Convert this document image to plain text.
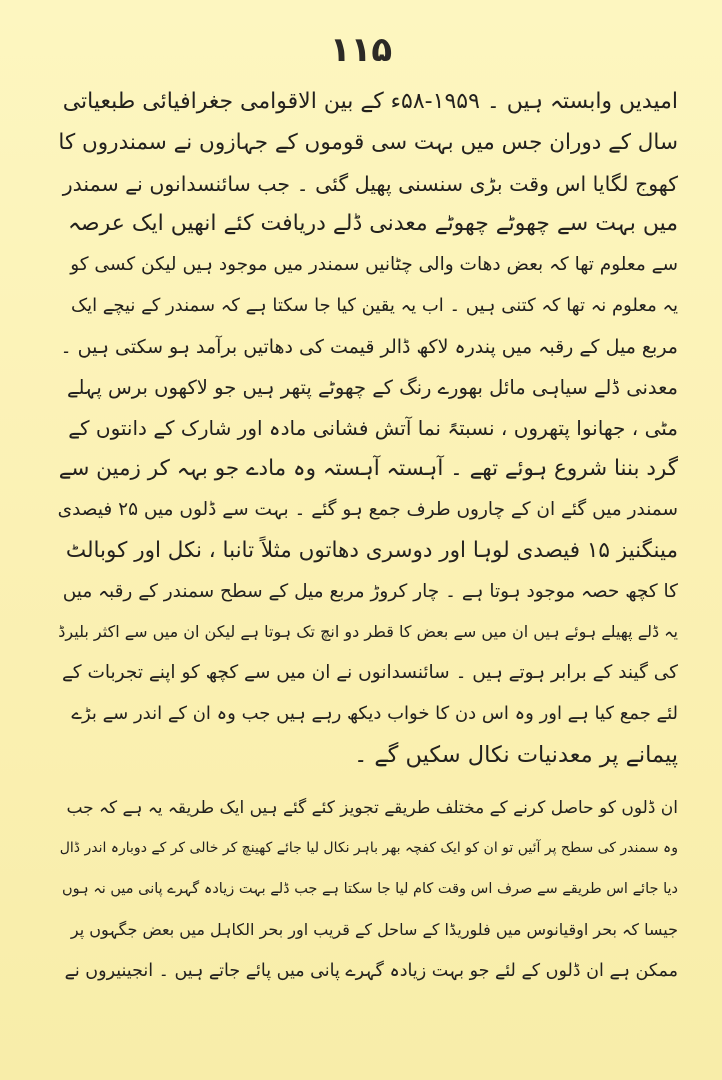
۱۱۵
امیدیں وابستہ ہیں ۔ ۱۹۵۹-۵۸ء کے بین الاقوامی جغرافیائی طبعیاتی
سال کے دوران جس میں بہت سی قوموں کے جہازوں نے سمندروں کا
کھوج لگایا اس وقت بڑی سنسنی پھیل گئی ۔ جب سائنسدانوں نے سمندر
میں بہت سے چھوٹے چھوٹے معدنی ڈلے دریافت کئے انھیں ایک عرصہ
سے معلوم تھا کہ بعض دھات والی چٹانیں سمندر میں موجود ہیں لیکن کسی کو
یہ معلوم نہ تھا کہ کتنی ہیں ۔ اب یہ یقین کیا جا سکتا ہے کہ سمندر کے نیچے ایک
مربع میل کے رقبہ میں پندرہ لاکھ ڈالر قیمت کی دھاتیں برآمد ہو سکتی ہیں ۔
معدنی ڈلے سیاہی مائل بھورے رنگ کے چھوٹے پتھر ہیں جو لاکھوں برس پہلے
مٹی ، جھانوا پتھروں ، نسبتہً نما آتش فشانی مادہ اور شارک کے دانتوں کے
گرد بننا شروع ہوئے تھے ۔ آہستہ آہستہ وہ مادے جو بہہ کر زمین سے
سمندر میں گئے ان کے چاروں طرف جمع ہو گئے ۔ بہت سے ڈلوں میں ۲۵ فیصدی
مینگنیز ۱۵ فیصدی لوہا اور دوسری دھاتوں مثلاً تانبا ، نکل اور کوبالٹ
کا کچھ حصہ موجود ہوتا ہے ۔ چار کروڑ مربع میل کے سطح سمندر کے رقبہ میں
یہ ڈلے پھیلے ہوئے ہیں ان میں سے بعض کا قطر دو انچ تک ہوتا ہے لیکن ان میں سے اکثر بلیرڈ
کی گیند کے برابر ہوتے ہیں ۔ سائنسدانوں نے ان میں سے کچھ کو اپنے تجربات کے
لئے جمع کیا ہے اور وہ اس دن کا خواب دیکھ رہے ہیں جب وہ ان کے اندر سے بڑے
پیمانے پر معدنیات نکال سکیں گے ۔
ان ڈلوں کو حاصل کرنے کے مختلف طریقے تجویز کئے گئے ہیں ایک طریقہ یہ ہے کہ جب
وہ سمندر کی سطح پر آئیں تو ان کو ایک کفچہ بھر باہر نکال لیا جائے کھینچ کر خالی کر کے دوبارہ اندر ڈال
دیا جائے اس طریقے سے صرف اس وقت کام لیا جا سکتا ہے جب ڈلے بہت زیادہ گہرے پانی میں نہ ہوں
جیسا کہ بحر اوقیانوس میں فلوریڈا کے ساحل کے قریب اور بحر الکاہل میں بعض جگہوں پر
ممکن ہے ان ڈلوں کے لئے جو بہت زیادہ گہرے پانی میں پائے جاتے ہیں ۔ انجینیروں نے
